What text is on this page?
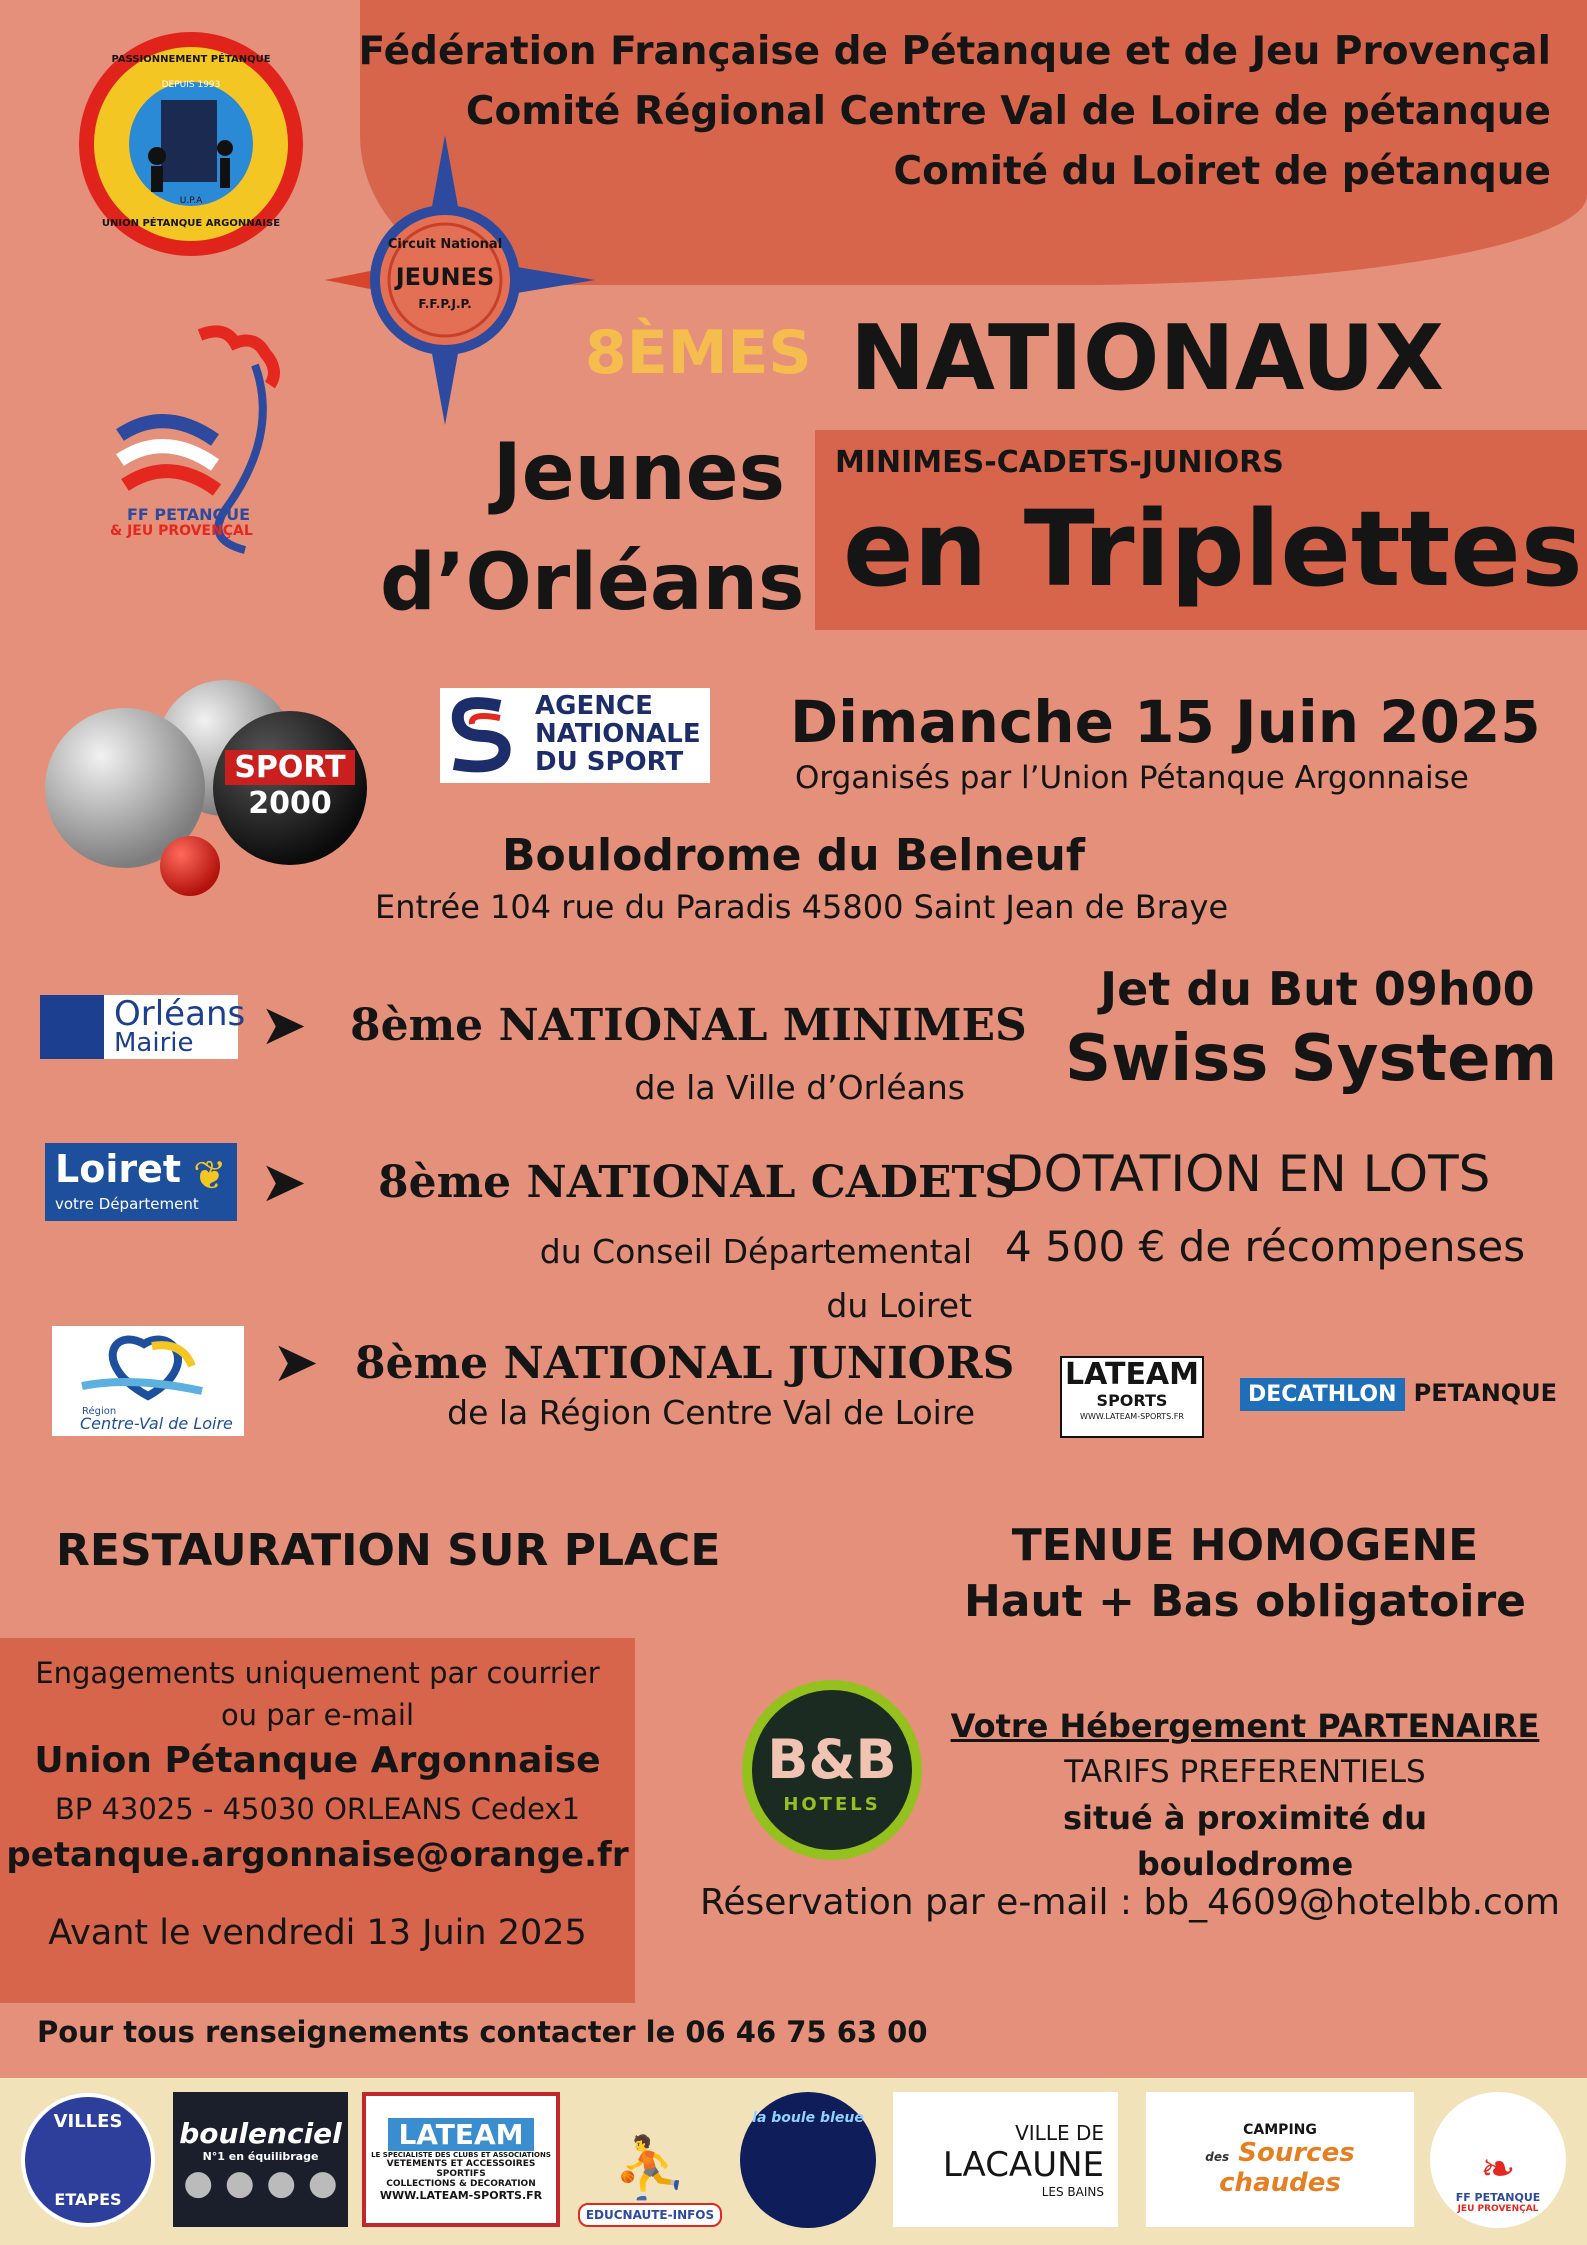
Fédération Française de Pétanque et de Jeu Provençal
Comité Régional Centre Val de Loire de pétanque
Comité du Loiret de pétanque
PASSIONNEMENT PÉTANQUE
DEPUIS 1993
U.P.A
UNION PÉTANQUE ARGONNAISE
Circuit National
JEUNES
F.F.P.J.P.
FF PETANQUE
& JEU PROVENÇAL
8ÈMES NATIONAUX
Jeunes
d’Orléans
MINIMES-CADETS-JUNIORS
en Triplettes
SPORT
2000
AGENCE
NATIONALE
DU SPORT
Dimanche 15 Juin 2025
Organisés par l’Union Pétanque Argonnaise
Boulodrome du Belneuf
Entrée 104 rue du Paradis 45800 Saint Jean de Braye
Orléans
Mairie
Loiret
votre Département
❦
Région
Centre-Val de Loire
➤
➤
➤
8ème NATIONAL MINIMES
de la Ville d’Orléans
8ème NATIONAL CADETS
du Conseil Départemental
du Loiret
8ème NATIONAL JUNIORS
de la Région Centre Val de Loire
Jet du But 09h00
Swiss System
DOTATION EN LOTS
4 500 € de récompenses
LATEAM
SPORTS
WWW.LATEAM-SPORTS.FR
DECATHLON PETANQUE
RESTAURATION SUR PLACE	TENUE HOMOGENE
Haut + Bas obligatoire
Engagements uniquement par courrier
ou par e-mail
Union Pétanque Argonnaise
BP 43025 - 45030 ORLEANS Cedex1
petanque.argonnaise@orange.fr
Avant le vendredi 13 Juin 2025
B&B
HOTELS
Votre Hébergement PARTENAIRE
TARIFS PREFERENTIELS
situé à proximité du boulodrome
Réservation par e-mail : bb_4609@hotelbb.com
Pour tous renseignements contacter le 06 46 75 63 00
VILLES
ETAPES
boulenciel
N°1 en équilibrage
● ● ● ●
LATEAM
LE SPECIALISTE DES CLUBS ET ASSOCIATIONS
VETEMENTS ET ACCESSOIRES SPORTIFS
COLLECTIONS & DECORATION
WWW.LATEAM-SPORTS.FR ⛹
EDUCNAUTE-INFOS
la boule bleue
VILLE DE
LACAUNE
LES BAINS
CAMPING
des Sources chaudes	❧
FF PETANQUE
JEU PROVENÇAL
